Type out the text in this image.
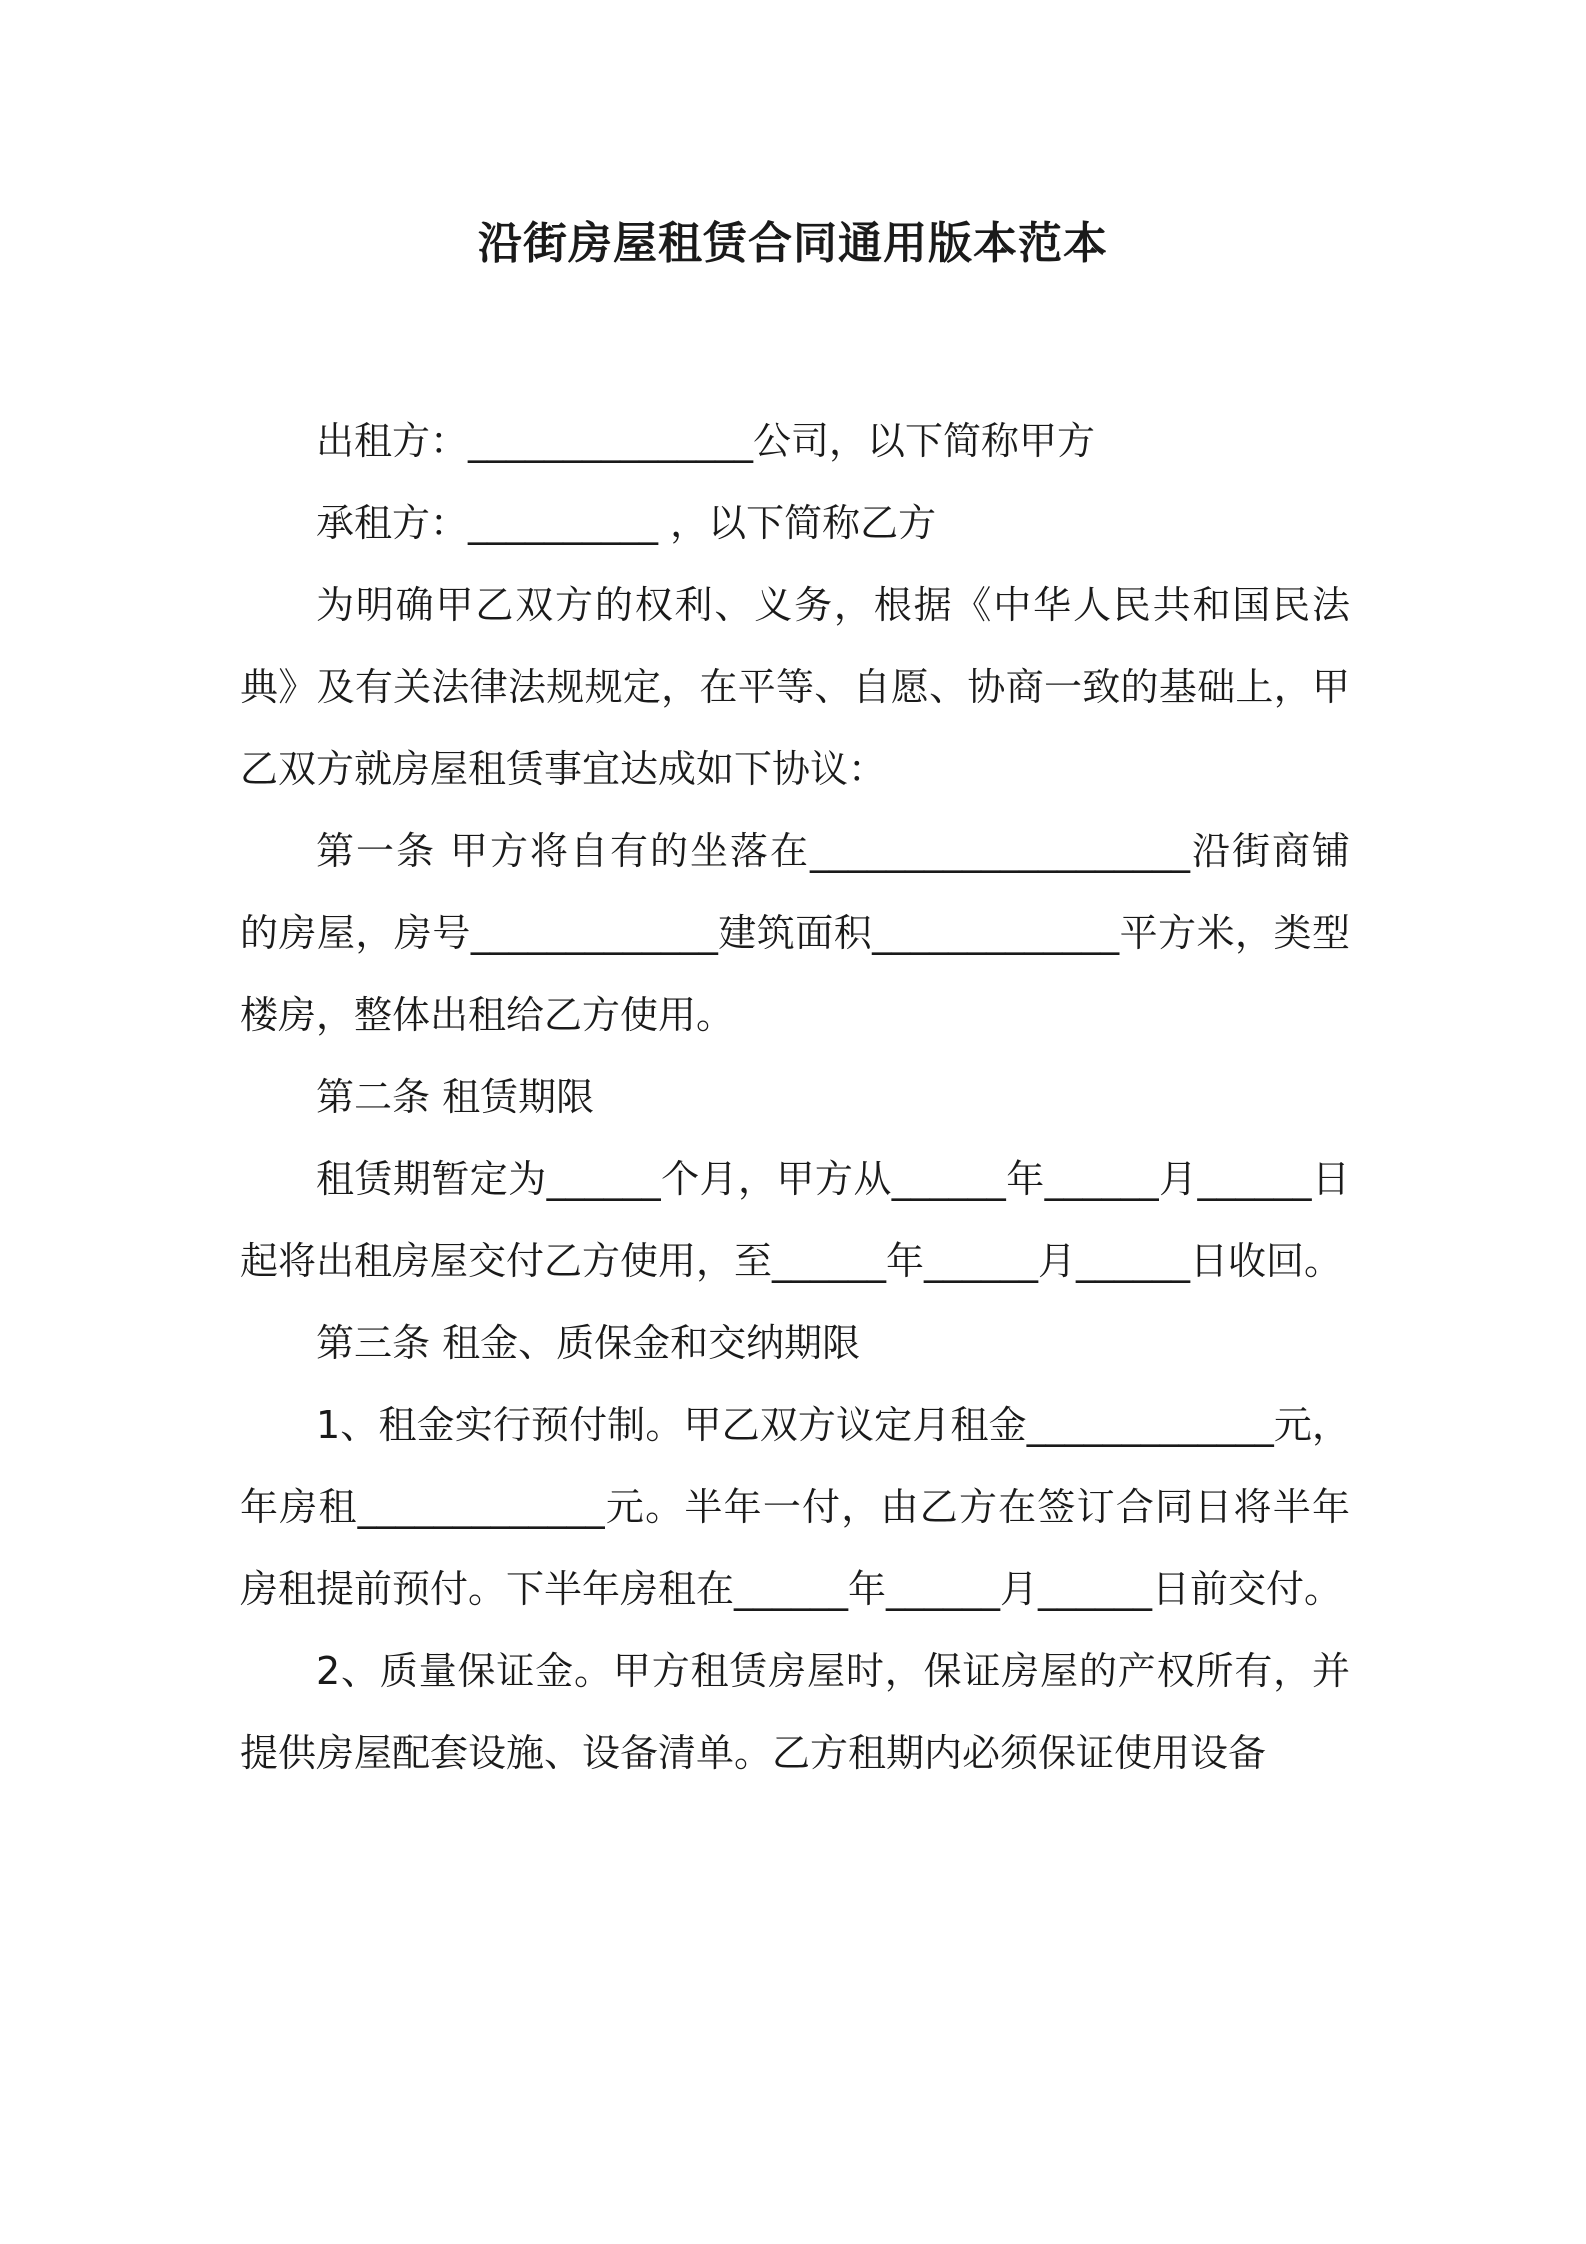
沿街房屋租赁合同通用版本范本

出租方：_______________公司，以下简称甲方

承租方：__________ ，以下简称乙方

为明确甲乙双方的权利、义务，根据《中华人民共和国民法典》及有关法律法规规定，在平等、自愿、协商一致的基础上，甲乙双方就房屋租赁事宜达成如下协议：

第一条 甲方将自有的坐落在____________________沿街商铺的房屋，房号_____________建筑面积_____________平方米，类型楼房，整体出租给乙方使用。

第二条 租赁期限

租赁期暂定为______个月，甲方从______年______月______日起将出租房屋交付乙方使用，至______年______月______日收回。

第三条 租金、质保金和交纳期限

1、租金实行预付制。甲乙双方议定月租金_____________元，年房租_____________元。半年一付，由乙方在签订合同日将半年房租提前预付。下半年房租在______年______月______日前交付。

2、质量保证金。甲方租赁房屋时，保证房屋的产权所有，并提供房屋配套设施、设备清单。乙方租期内必须保证使用设备
